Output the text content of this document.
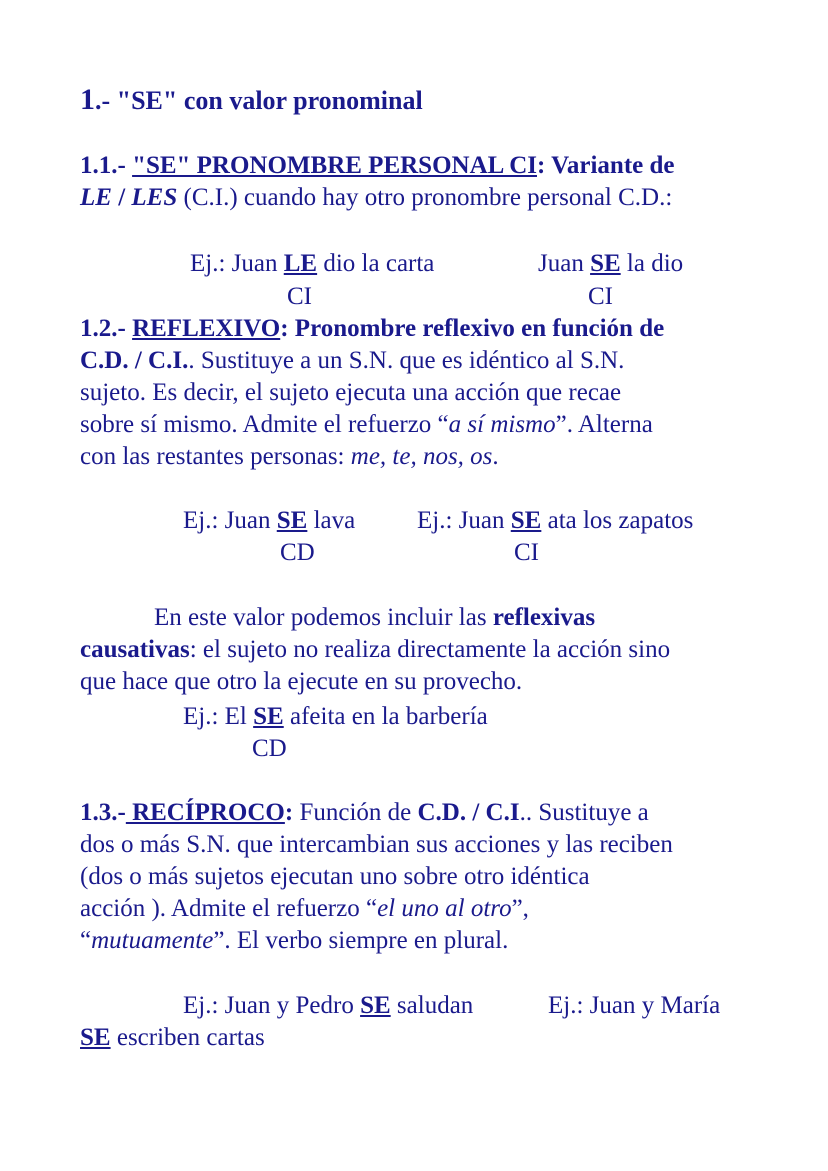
1.- "SE" con valor pronominal
1.1.- "SE" PRONOMBRE PERSONAL CI: Variante de
LE / LES (C.I.) cuando hay otro pronombre personal C.D.:
Ej.: Juan LE dio la carta	Juan SE la dio
CI	CI
1.2.- REFLEXIVO: Pronombre reflexivo en función de
C.D. / C.I.. Sustituye a un S.N. que es idéntico al S.N.
sujeto. Es decir, el sujeto ejecuta una acción que recae
sobre sí mismo. Admite el refuerzo “a sí mismo”. Alterna
con las restantes personas: me, te, nos, os.
Ej.: Juan SE lava Ej.: Juan SE ata los zapatos
CD	CI
En este valor podemos incluir las reflexivas
causativas: el sujeto no realiza directamente la acción sino
que hace que otro la ejecute en su provecho.
Ej.: El SE afeita en la barbería
CD
1.3.- RECÍPROCO: Función de C.D. / C.I.. Sustituye a
dos o más S.N. que intercambian sus acciones y las reciben
(dos o más sujetos ejecutan uno sobre otro idéntica
acción ). Admite el refuerzo “el uno al otro”,
“mutuamente”. El verbo siempre en plural.
Ej.: Juan y Pedro SE saludan	Ej.: Juan y María
SE escriben cartas
